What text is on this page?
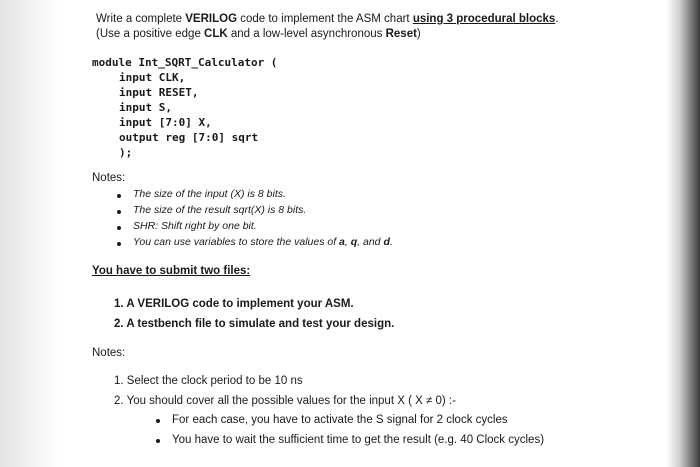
Write a complete VERILOG code to implement the ASM chart using 3 procedural blocks.
(Use a positive edge CLK and a low-level asynchronous Reset)
module Int_SQRT_Calculator (
input CLK,
input RESET,
input S,
input [7:0] X,
output reg [7:0] sqrt
);
Notes:
The size of the input (X) is 8 bits.
The size of the result sqrt(X) is 8 bits.
SHR: Shift right by one bit.
You can use variables to store the values of a, q, and d.
You have to submit two files:
1. A VERILOG code to implement your ASM.
2. A testbench file to simulate and test your design.
Notes:
1. Select the clock period to be 10 ns
2. You should cover all the possible values for the input X ( X ≠ 0) :-
For each case, you have to activate the S signal for 2 clock cycles
You have to wait the sufficient time to get the result (e.g. 40 Clock cycles)
